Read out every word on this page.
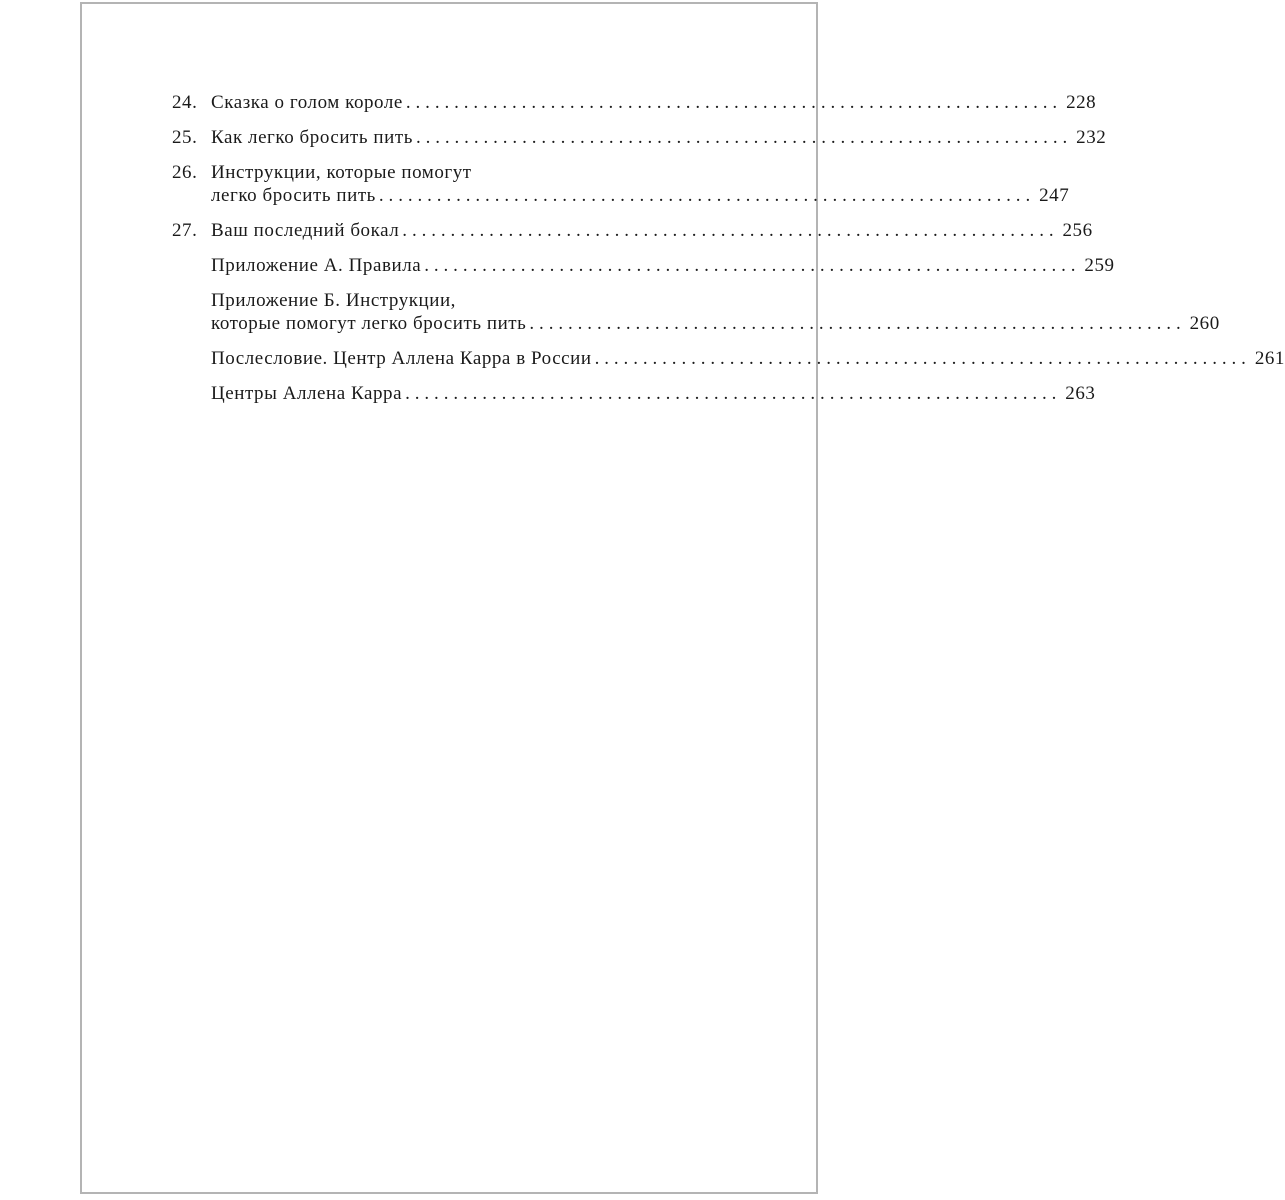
24. Сказка о голом короле .................................................................... 228
25. Как легко бросить пить .................................................................... 232
26. Инструкции, которые помогут
легко бросить пить .................................................................... 247
27. Ваш последний бокал .................................................................... 256
Приложение А. Правила .................................................................... 259
Приложение Б. Инструкции,
которые помогут легко бросить пить .................................................................... 260
Послесловие. Центр Аллена Карра в России .................................................................... 261
Центры Аллена Карра .................................................................... 263
